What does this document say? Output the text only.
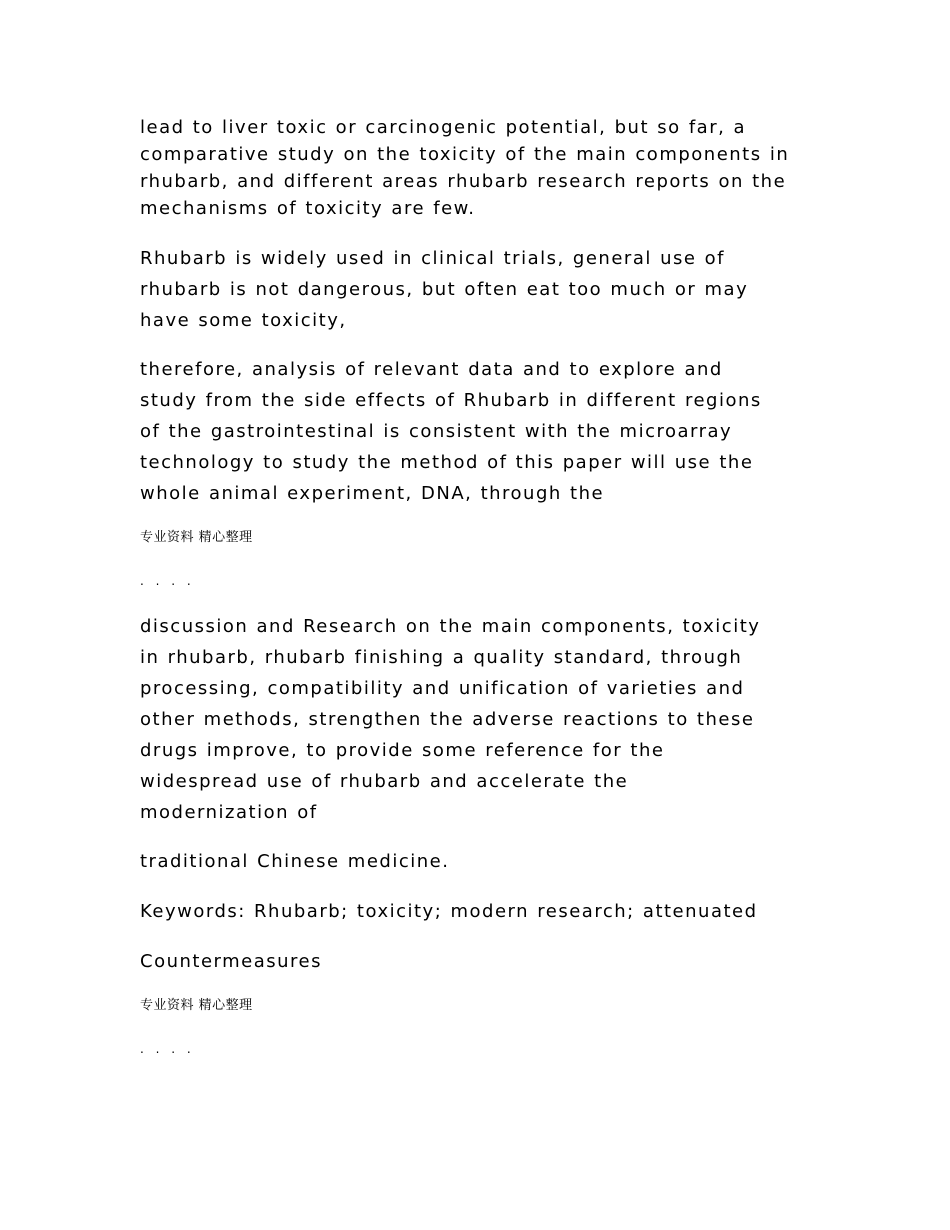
lead to liver toxic or carcinogenic potential, but so far, a
comparative study on the toxicity of the main components in
rhubarb, and different areas rhubarb research reports on the
mechanisms of toxicity are few.

Rhubarb is widely used in clinical trials, general use of
rhubarb is not dangerous, but often eat too much or may
have some toxicity,

therefore, analysis of relevant data and to explore and
study from the side effects of Rhubarb in different regions
of the gastrointestinal is consistent with the microarray
technology to study the method of this paper will use the
whole animal experiment, DNA, through the

专业资料 精心整理
. . . .

discussion and Research on the main components, toxicity
in rhubarb, rhubarb finishing a quality standard, through
processing, compatibility and unification of varieties and
other methods, strengthen the adverse reactions to these
drugs improve, to provide some reference for the
widespread use of rhubarb and accelerate the
modernization of

traditional Chinese medicine.

Keywords: Rhubarb; toxicity; modern research; attenuated

Countermeasures

专业资料 精心整理
. . . .
